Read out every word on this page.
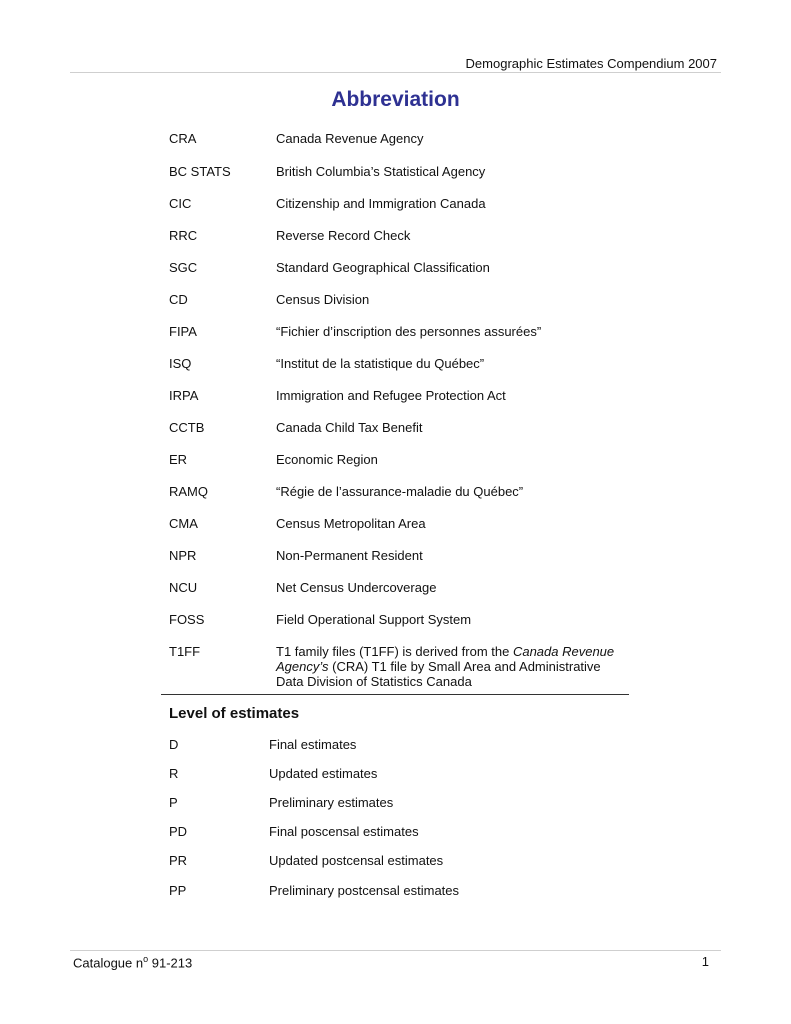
Demographic Estimates Compendium 2007
Abbreviation
CRA	Canada Revenue Agency
BC STATS	British Columbia’s Statistical Agency
CIC	Citizenship and Immigration Canada
RRC	Reverse Record Check
SGC	Standard Geographical Classification
CD	Census Division
FIPA	“Fichier d’inscription des personnes assurées”
ISQ	“Institut de la statistique du Québec”
IRPA	Immigration and Refugee Protection Act
CCTB	Canada Child Tax Benefit
ER	Economic Region
RAMQ	“Régie de l’assurance-maladie du Québec”
CMA	Census Metropolitan Area
NPR	Non-Permanent Resident
NCU	Net Census Undercoverage
FOSS	Field Operational Support System
T1FF	T1 family files (T1FF) is derived from the Canada Revenue Agency’s (CRA) T1 file by Small Area and Administrative Data Division of Statistics Canada
Level of estimates
D	Final estimates
R	Updated estimates
P	Preliminary estimates
PD	Final poscensal estimates
PR	Updated postcensal estimates
PP	Preliminary postcensal estimates
Catalogue $n^o$ 91-213	1
